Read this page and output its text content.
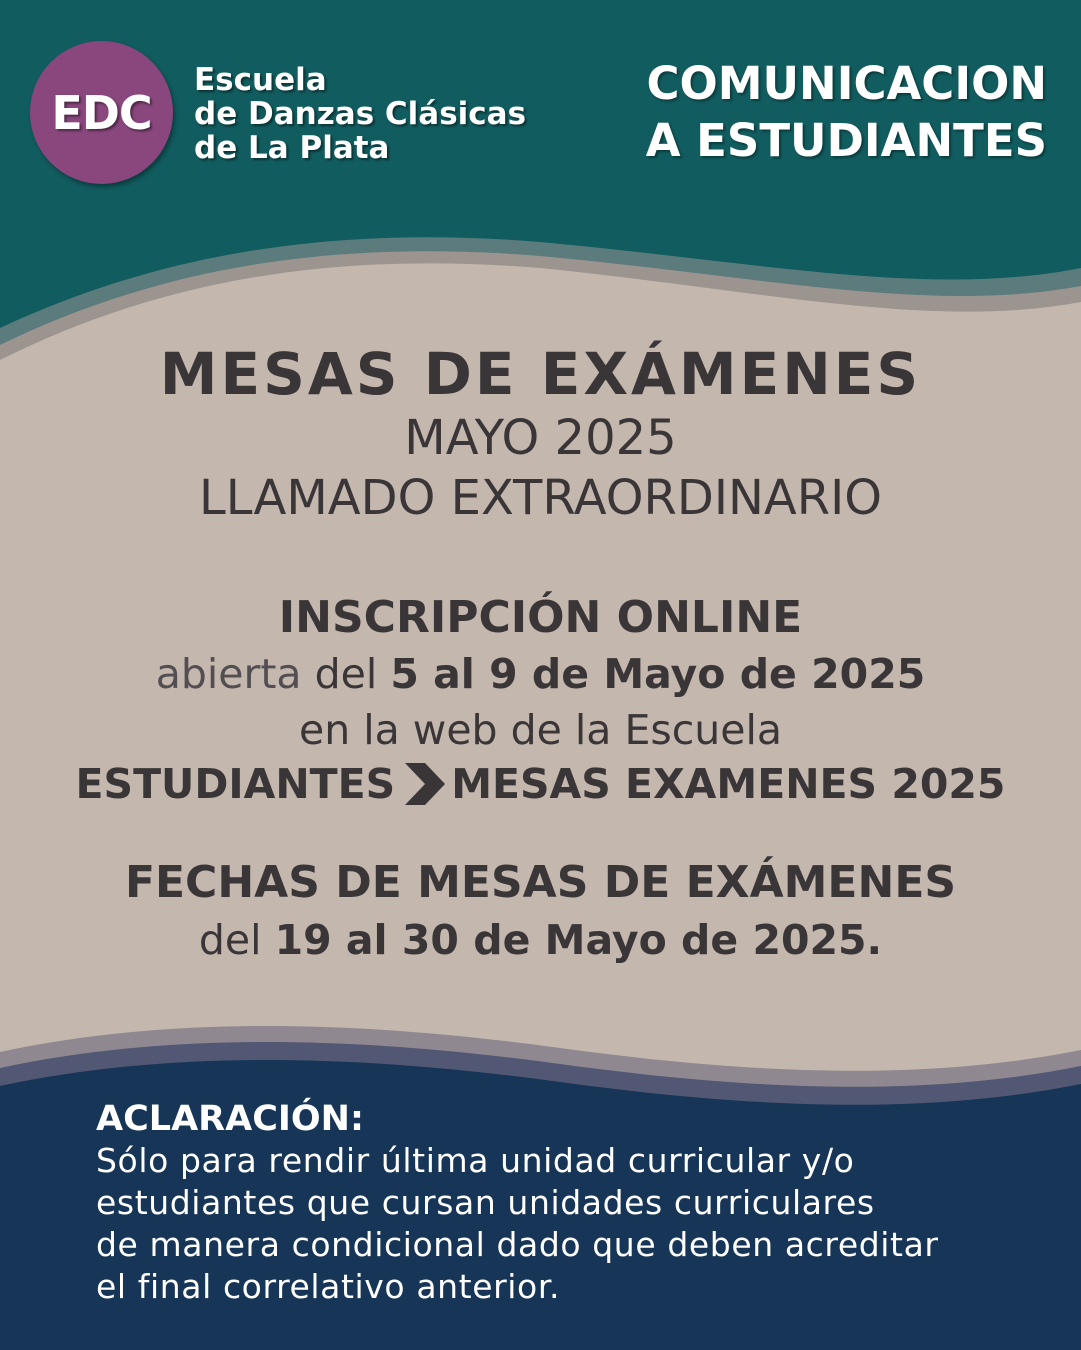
EDC
Escuela
de Danzas Clásicas
de La Plata
COMUNICACION
A ESTUDIANTES
MESAS DE EXÁMENES
MAYO 2025
LLAMADO EXTRAORDINARIO
INSCRIPCIÓN ONLINE
abierta del 5 al 9 de Mayo de 2025
en la web de la Escuela
ESTUDIANTES MESAS EXAMENES 2025
FECHAS DE MESAS DE EXÁMENES
del 19 al 30 de Mayo de 2025.
ACLARACIÓN:
Sólo para rendir última unidad curricular y/o
estudiantes que cursan unidades curriculares
de manera condicional dado que deben acreditar
el final correlativo anterior.
